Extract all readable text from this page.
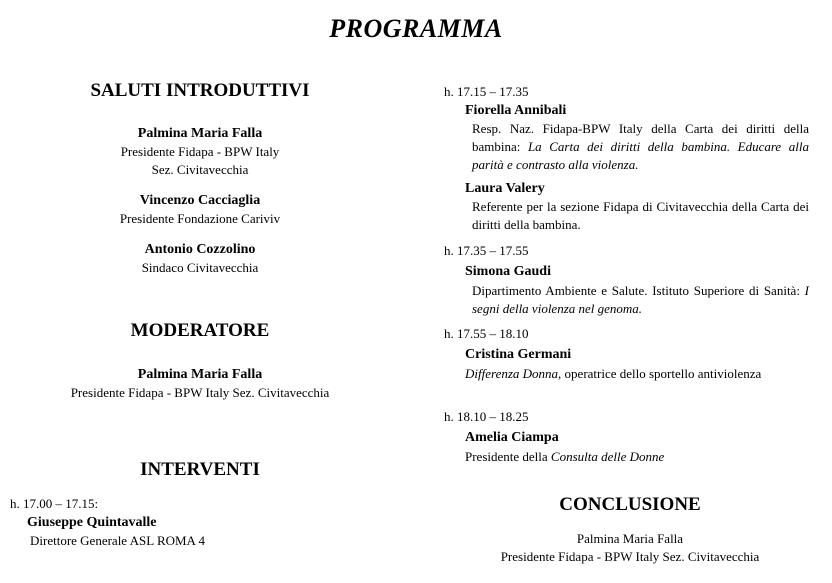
PROGRAMMA
SALUTI INTRODUTTIVI
Palmina Maria Falla
Presidente Fidapa - BPW Italy
Sez. Civitavecchia
Vincenzo Cacciaglia
Presidente Fondazione Cariviv
Antonio Cozzolino
Sindaco Civitavecchia
MODERATORE
Palmina Maria Falla
Presidente Fidapa - BPW Italy Sez. Civitavecchia
INTERVENTI
h. 17.00 – 17.15:
Giuseppe Quintavalle
Direttore Generale ASL ROMA 4
h. 17.15 – 17.35
Fiorella Annibali
Resp. Naz. Fidapa-BPW Italy della Carta dei diritti della bambina: La Carta dei diritti della bambina. Educare alla parità e contrasto alla violenza.
Laura Valery
Referente per la sezione Fidapa di Civitavecchia della Carta dei diritti della bambina.
h. 17.35 – 17.55
Simona Gaudi
Dipartimento Ambiente e Salute. Istituto Superiore di Sanità: I segni della violenza nel genoma.
h. 17.55 – 18.10
Cristina Germani
Differenza Donna, operatrice dello sportello antiviolenza
h. 18.10 – 18.25
Amelia Ciampa
Presidente della Consulta delle Donne
CONCLUSIONE
Palmina Maria Falla
Presidente Fidapa - BPW Italy Sez. Civitavecchia
